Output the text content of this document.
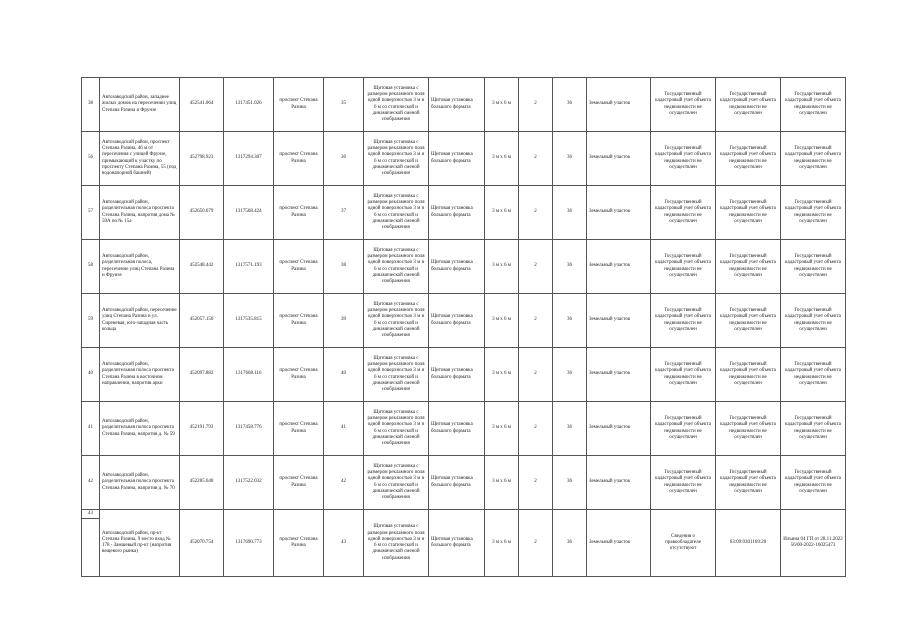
38	Автозаводский район, западнее жилых домов на пересечении улиц Степана Разина и Фрунзе	452541.064	1317451.026	проспект Степана Разина	35	Щитовая установка с размером рекламного поля одной поверхностью 3 м и 6 м со статической и динамической сменой изображения	Щитовая установка большого формата	3 м х 6 м	2	36	Земельный участок	Государственный кадастровый учет объекта недвижимости не осуществлен	Государственный кадастровый учет объекта недвижимости не осуществлен	Государственный кадастровый учет объекта недвижимости не осуществлен
56	Автозаводский район, проспект Степана Разина, 46 м от пересечения с улицей Фрунзе, примыкающий к участку по проспекту Степана Разина, 55 (под водонапорной башней)	452798.923	1317294.307	проспект Степана Разина	36	Щитовая установка с размером рекламного поля одной поверхностью 3 м и 6 м со статической и динамической сменой изображения	Щитовая установка большого формата	3 м х 6 м	2	36	Земельный участок	Государственный кадастровый учет объекта недвижимости не осуществлен	Государственный кадастровый учет объекта недвижимости не осуществлен	Государственный кадастровый учет объекта недвижимости не осуществлен
57	Автозаводский район, разделительная полоса проспекта Степана Разина, напротив дома № 50А по № 15а	452650.679	1317568.424	проспект Степана Разина	37	Щитовая установка с размером рекламного поля одной поверхностью 3 м и 6 м со статической и динамической сменой изображения	Щитовая установка большого формата	3 м х 6 м	2	36	Земельный участок	Государственный кадастровый учет объекта недвижимости не осуществлен	Государственный кадастровый учет объекта недвижимости не осуществлен	Государственный кадастровый учет объекта недвижимости не осуществлен
58	Автозаводский район, разделительная полоса, пересечение улиц Степана Разина и Фрунзе	452548.442	1317571.193	проспект Степана Разина	38	Щитовая установка с размером рекламного поля одной поверхностью 3 м и 6 м со статической и динамической сменой изображения	Щитовая установка большого формата	3 м х 6 м	2	36	Земельный участок	Государственный кадастровый учет объекта недвижимости не осуществлен	Государственный кадастровый учет объекта недвижимости не осуществлен	Государственный кадастровый учет объекта недвижимости не осуществлен
59	Автозаводский район, пересечение улиц Степана Разина и ул. Сиреневая, юго-западная часть кольца	452057.150	1317535.815	проспект Степана Разина	39	Щитовая установка с размером рекламного поля одной поверхностью 3 м и 6 м со статической и динамической сменой изображения	Щитовая установка большого формата	3 м х 6 м	2	36	Земельный участок	Государственный кадастровый учет объекта недвижимости не осуществлен	Государственный кадастровый учет объекта недвижимости не осуществлен	Государственный кадастровый учет объекта недвижимости не осуществлен
40	Автозаводский район, разделительная полоса проспекта Степана Разина в восточном направлении, напротив арки	452097.882	1317668.116	проспект Степана Разина	40	Щитовая установка с размером рекламного поля одной поверхностью 3 м и 6 м со статической и динамической сменой изображения	Щитовая установка большого формата	3 м х 6 м	2	36	Земельный участок	Государственный кадастровый учет объекта недвижимости не осуществлен	Государственный кадастровый учет объекта недвижимости не осуществлен	Государственный кадастровый учет объекта недвижимости не осуществлен
41	Автозаводский район, разделительная полоса проспекта Степана Разина, напротив д. № 59	452191.793	1317458.776	проспект Степана Разина	41	Щитовая установка с размером рекламного поля одной поверхностью 3 м и 6 м со статической и динамической сменой изображения	Щитовая установка большого формата	3 м х 6 м	2	36	Земельный участок	Государственный кадастровый учет объекта недвижимости не осуществлен	Государственный кадастровый учет объекта недвижимости не осуществлен	Государственный кадастровый учет объекта недвижимости не осуществлен
42	Автозаводский район, разделительная полоса проспекта Степана Разина, напротив д. № 70	452285.640	1317522.032	проспект Степана Разина	42	Щитовая установка с размером рекламного поля одной поверхностью 3 м и 6 м со статической и динамической сменой изображения	Щитовая установка большого формата	3 м х 6 м	2	36	Земельный участок	Государственный кадастровый учет объекта недвижимости не осуществлен	Государственный кадастровый учет объекта недвижимости не осуществлен	Государственный кадастровый учет объекта недвижимости не осуществлен
43	Автозаводский район, пр-кт Степана Разина, 9 место вход № 178 - Замшевый пр-кт (напротив вещевого рынка)	452070.754	1317690.773	проспект Степана Разина	43	Щитовая установка с размером рекламного поля одной поверхностью 3 м и 6 м со статической и динамической сменой изображения	Щитовая установка большого формата	3 м х 6 м	2	36	Земельный участок	Сведения о правообладателе отсутствуют	63:09:0301169:20	Ильина 04 ГП от 28.11.2022 56/00-2022-16025473
